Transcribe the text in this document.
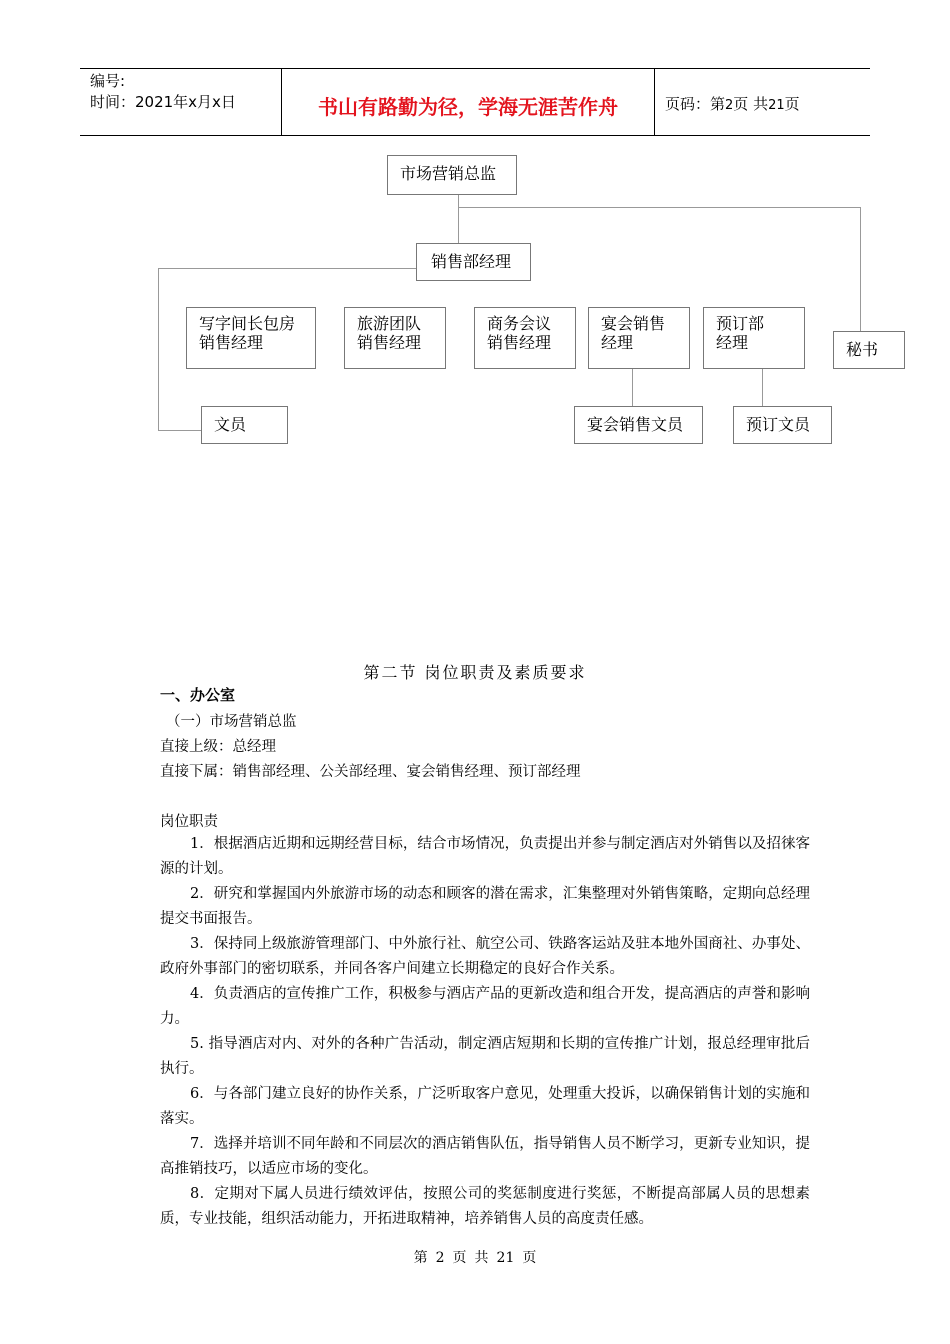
编号:
时间：2021年x月x日	书山有路勤为径，学海无涯苦作舟	页码：第2页 共21页
市场营销总监
销售部经理
写字间长包房
销售经理
旅游团队
销售经理
商务会议
销售经理
宴会销售
经理
预订部
经理	秘书
文员	宴会销售文员	预订文员
第二节 岗位职责及素质要求
一、办公室
（一）市场营销总监
直接上级：总经理
直接下属：销售部经理、公关部经理、宴会销售经理、预订部经理
岗位职责
1．根据酒店近期和远期经营目标，结合市场情况，负责提出并参与制定酒店对外销售以及招徕客源的计划。
2．研究和掌握国内外旅游市场的动态和顾客的潜在需求，汇集整理对外销售策略，定期向总经理提交书面报告。
3．保持同上级旅游管理部门、中外旅行社、航空公司、铁路客运站及驻本地外国商社、办事处、政府外事部门的密切联系，并同各客户间建立长期稳定的良好合作关系。
4．负责酒店的宣传推广工作，积极参与酒店产品的更新改造和组合开发，提高酒店的声誉和影响力。
5. 指导酒店对内、对外的各种广告活动，制定酒店短期和长期的宣传推广计划，报总经理审批后执行。
6．与各部门建立良好的协作关系，广泛听取客户意见，处理重大投诉，以确保销售计划的实施和落实。
7．选择并培训不同年龄和不同层次的酒店销售队伍，指导销售人员不断学习，更新专业知识，提高推销技巧，以适应市场的变化。
8．定期对下属人员进行绩效评估，按照公司的奖惩制度进行奖惩，不断提高部属人员的思想素质，专业技能，组织活动能力，开拓进取精神，培养销售人员的高度责任感。
第 2 页 共 21 页
